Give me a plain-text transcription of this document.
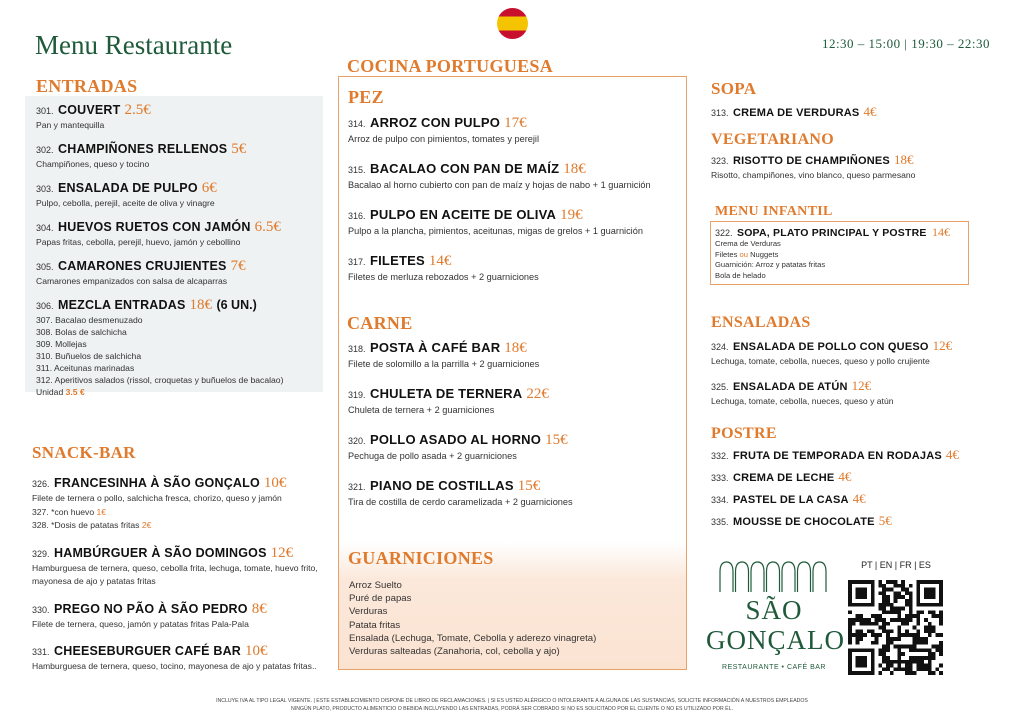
Menu Restaurante	12:30 – 15:00 | 19:30 – 22:30
ENTRADAS
301. COUVERT 2.5€
Pan y mantequilla
302. CHAMPIÑONES RELLENOS 5€
Champiñones, queso y tocino
303. ENSALADA DE PULPO 6€
Pulpo, cebolla, perejil, aceite de oliva y vinagre
304. HUEVOS RUETOS CON JAMÓN 6.5€
Papas fritas, cebolla, perejil, huevo, jamón y cebollino
305. CAMARONES CRUJIENTES 7€
Camarones empanizados con salsa de alcaparras
306. MEZCLA ENTRADAS 18€ (6 UN.)
307. Bacalao desmenuzado
308. Bolas de salchicha
309. Mollejas
310. Buñuelos de salchicha
311. Aceitunas marinadas
312. Aperitivos salados (rissol, croquetas y buñuelos de bacalao)
Unidad 3.5 €
SNACK-BAR
326. FRANCESINHA À SÃO GONÇALO 10€
Filete de ternera o pollo, salchicha fresca, chorizo, queso y jamón
327. *con huevo 1€
328. *Dosis de patatas fritas 2€
329. HAMBÚRGUER À SÃO DOMINGOS 12€
Hamburguesa de ternera, queso, cebolla frita, lechuga, tomate, huevo frito,
mayonesa de ajo y patatas fritas
330. PREGO NO PÃO À SÃO PEDRO 8€
Filete de ternera, queso, jamón y patatas fritas Pala-Pala
331. CHEESEBURGUER CAFÉ BAR 10€
Hamburguesa de ternera, queso, tocino, mayonesa de ajo y patatas fritas..
COCINA PORTUGUESA
PEZ
314. ARROZ CON PULPO 17€
Arroz de pulpo con pimientos, tomates y perejil
315. BACALAO CON PAN DE MAÍZ 18€
Bacalao al horno cubierto con pan de maíz y hojas de nabo + 1 guarnición
316. PULPO EN ACEITE DE OLIVA 19€
Pulpo a la plancha, pimientos, aceitunas, migas de grelos + 1 guarnición
317. FILETES 14€
Filetes de merluza rebozados + 2 guarniciones
CARNE
318. POSTA À CAFÉ BAR 18€
Filete de solomillo a la parrilla + 2 guarniciones
319. CHULETA DE TERNERA 22€
Chuleta de ternera + 2 guarniciones
320. POLLO ASADO AL HORNO 15€
Pechuga de pollo asada + 2 guarniciones
321. PIANO DE COSTILLAS 15€
Tira de costilla de cerdo caramelizada + 2 guarniciones
GUARNICIONES
Arroz Suelto
Puré de papas
Verduras
Patata fritas
Ensalada (Lechuga, Tomate, Cebolla y aderezo vinagreta)
Verduras salteadas (Zanahoria, col, cebolla y ajo)
SOPA
313. CREMA DE VERDURAS 4€
VEGETARIANO
323. RISOTTO DE CHAMPIÑONES 18€
Risotto, champiñones, vino blanco, queso parmesano
MENU INFANTIL
322. SOPA, PLATO PRINCIPAL Y POSTRE 14€
Crema de Verduras
Filetes ou Nuggets
Guarnición: Arroz y patatas fritas
Bola de helado
ENSALADAS
324. ENSALADA DE POLLO CON QUESO 12€
Lechuga, tomate, cebolla, nueces, queso y pollo crujiente
325. ENSALADA DE ATÚN 12€
Lechuga, tomate, cebolla, nueces, queso y atún
POSTRE
332. FRUTA DE TEMPORADA EN RODAJAS 4€
333. CREMA DE LECHE 4€
334. PASTEL DE LA CASA 4€
335. MOUSSE DE CHOCOLATE 5€
SÃO
GONÇALO
RESTAURANTE • CAFÉ BAR
PT | EN | FR | ES
INCLUYE IVA AL TIPO LEGAL VIGENTE. | ESTE ESTABLECIMIENTO DISPONE DE LIBRO DE RECLAMACIONES. | SI ES USTED ALÉRGICO O INTOLERANTE A ALGUNA DE LAS SUSTANCIAS, SOLICITE INFORMACIÓN A NUESTROS EMPLEADOS
NINGÚN PLATO, PRODUCTO ALIMENTICIO O BEBIDA INCLUYENDO LAS ENTRADAS, PODRÁ SER COBRADO SI NO ES SOLICITADO POR EL CLIENTE O NO ES UTILIZADO POR ÉL.
